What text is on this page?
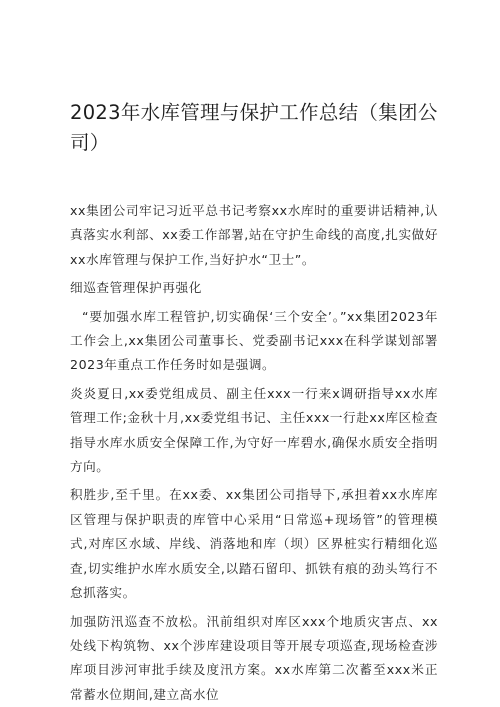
2023年水库管理与保护工作总结（集团公司）

xx集团公司牢记习近平总书记考察xx水库时的重要讲话精神,认真落实水利部、xx委工作部署,站在守护生命线的高度,扎实做好xx水库管理与保护工作,当好护水“卫士”。

细巡查管理保护再强化

“要加强水库工程管护,切实确保‘三个安全’。”xx集团2023年工作会上,xx集团公司董事长、党委副书记xxx在科学谋划部署2023年重点工作任务时如是强调。

炎炎夏日,xx委党组成员、副主任xxx一行来x调研指导xx水库管理工作;金秋十月,xx委党组书记、主任xxx一行赴xx库区检查指导水库水质安全保障工作,为守好一库碧水,确保水质安全指明方向。

积胜步,至千里。在xx委、xx集团公司指导下,承担着xx水库库区管理与保护职责的库管中心采用“日常巡+现场管”的管理模式,对库区水域、岸线、消落地和库（坝）区界桩实行精细化巡查,切实维护水库水质安全,以踏石留印、抓铁有痕的劲头笃行不怠抓落实。

加强防汛巡查不放松。汛前组织对库区xxx个地质灾害点、xx处线下构筑物、xx个涉库建设项目等开展专项巡查,现场检查涉库项目涉河审批手续及度汛方案。xx水库第二次蓄至xxx米正常蓄水位期间,建立高水位
